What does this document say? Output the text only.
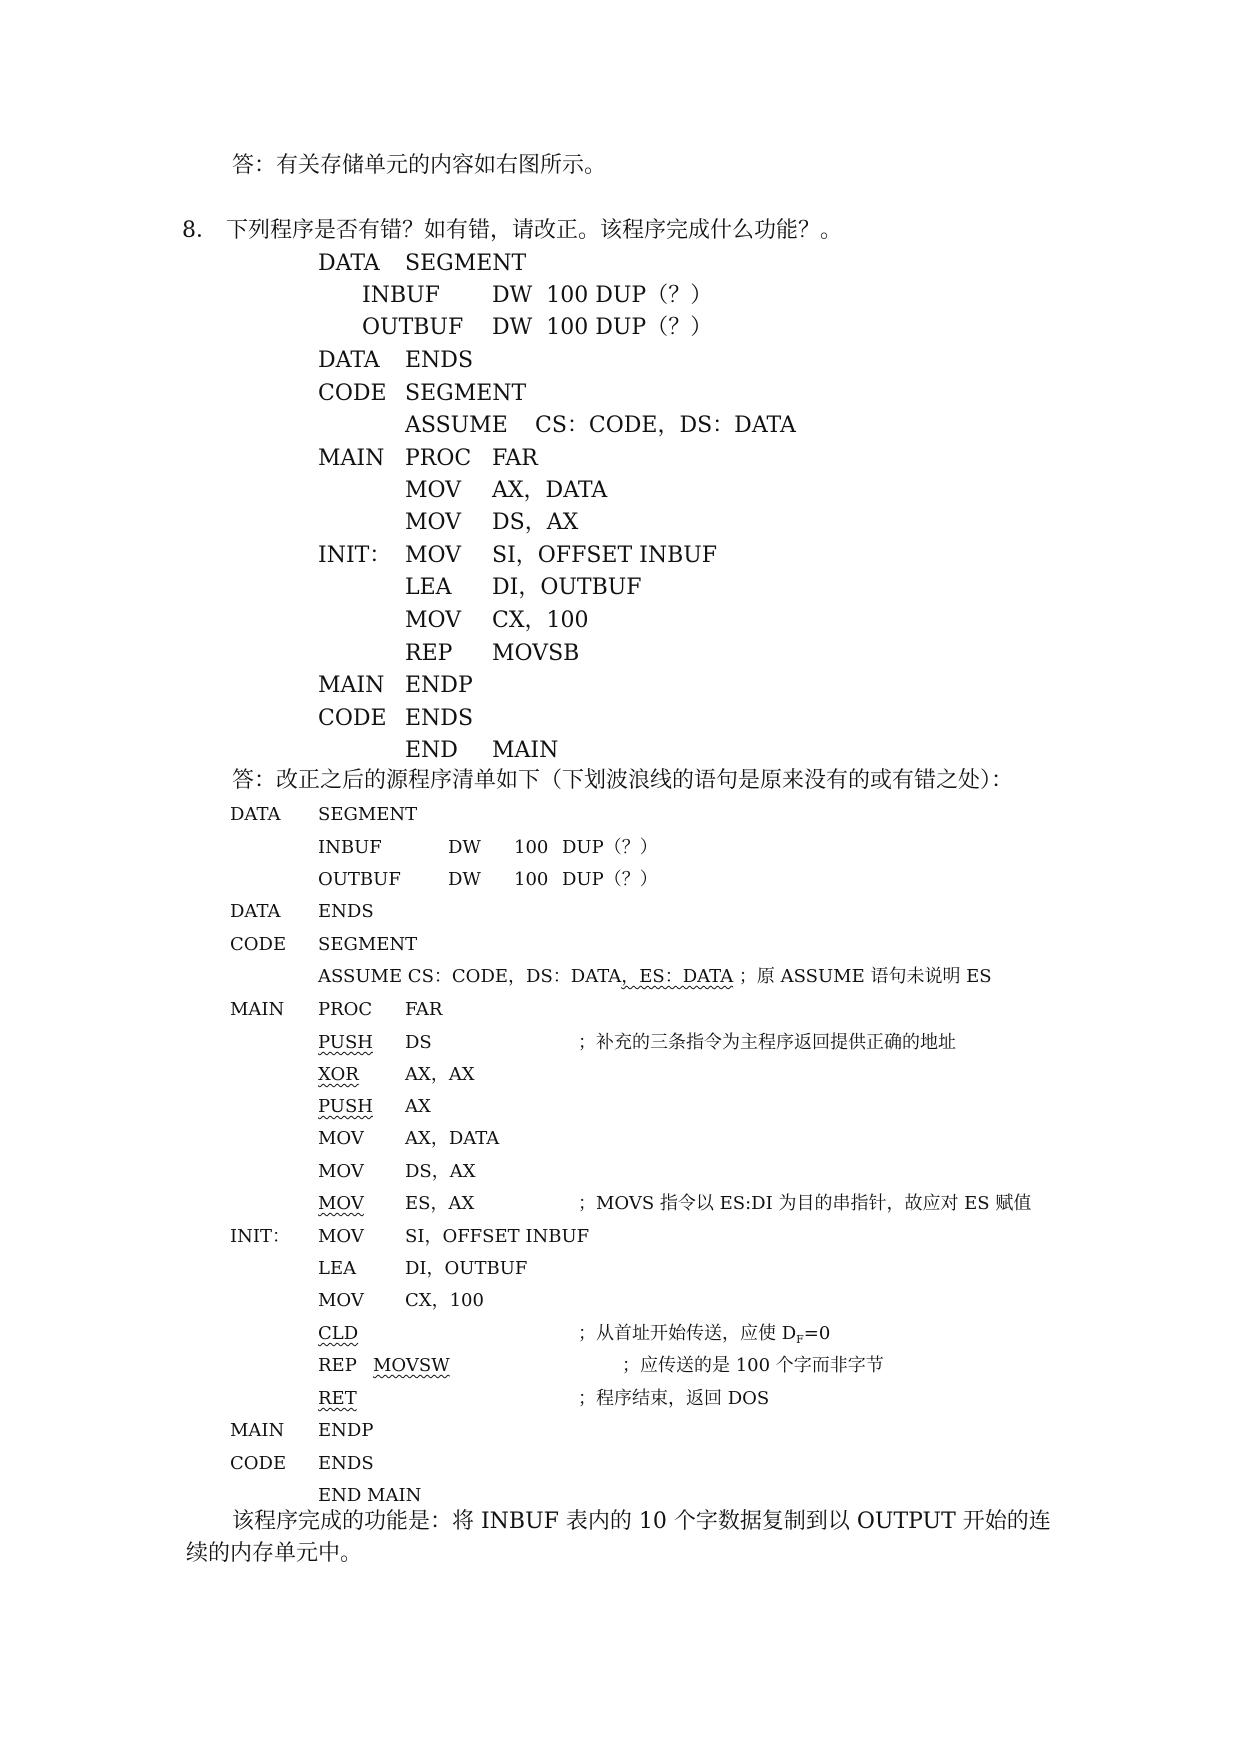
答：有关存储单元的内容如右图所示。
8． 下列程序是否有错？如有错，请改正。该程序完成什么功能？。
DATA SEGMENT
INBUF DW  100 DUP（？）
OUTBUF DW  100 DUP（？）
DATA ENDS
CODE SEGMENT
ASSUME CS：CODE，DS：DATA
MAIN PROC FAR
MOV AX，DATA
MOV DS，AX
INIT： MOV SI，OFFSET INBUF
LEA DI，OUTBUF
MOV CX，100
REP MOVSB
MAIN ENDP
CODE ENDS
END MAIN
答：改正之后的源程序清单如下（下划波浪线的语句是原来没有的或有错之处）：
DATA SEGMENT
INBUF	DW 100 DUP（？）
OUTBUF	DW 100 DUP（？）
DATA ENDS
CODE SEGMENT
ASSUME CS：CODE，DS：DATA，ES：DATA ；原 ASSUME 语句未说明 ES
MAIN PROC FAR
PUSH DS	；补充的三条指令为主程序返回提供正确的地址
XOR	AX，AX
PUSH AX
MOV AX，DATA
MOV DS，AX
MOV ES，AX	；MOVS 指令以 ES:DI 为目的串指针，故应对 ES 赋值
INIT： MOV SI，OFFSET INBUF
LEA	DI，OUTBUF
MOV CX，100
CLD	；从首址开始传送，应使 $D_F=0$
REP MOVSW	；应传送的是 100 个字而非字节
RET	；程序结束，返回 DOS
MAIN ENDP
CODE ENDS
END MAIN
该程序完成的功能是：将 INBUF 表内的 10 个字数据复制到以 OUTPUT 开始的连
续的内存单元中。
